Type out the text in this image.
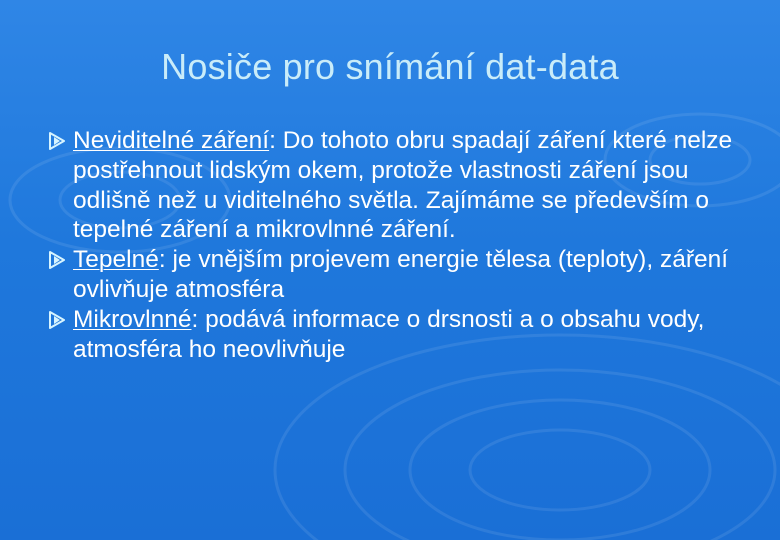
Nosiče pro snímání dat-data

Neviditelné záření: Do tohoto obru spadají záření které nelze postřehnout lidským okem, protože vlastnosti záření jsou odlišně než u viditelného světla. Zajímáme se především o tepelné záření a mikrovlnné záření.

Tepelné: je vnějším projevem energie tělesa (teploty), záření ovlivňuje atmosféra

Mikrovlnné: podává informace o drsnosti a o obsahu vody, atmosféra ho neovlivňuje
